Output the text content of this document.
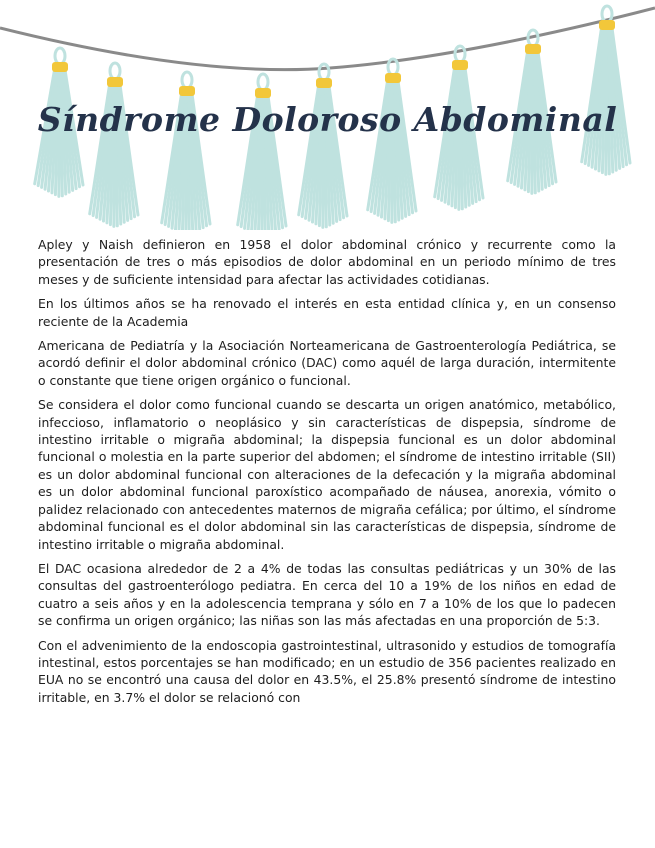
Síndrome Doloroso Abdominal

Apley y Naish definieron en 1958 el dolor abdominal crónico y recurrente como la presentación de tres o más episodios de dolor abdominal en un periodo mínimo de tres meses y de suficiente intensidad para afectar las actividades cotidianas.

En los últimos años se ha renovado el interés en esta entidad clínica y, en un consenso reciente de la Academia

Americana de Pediatría y la Asociación Norteamericana de Gastroenterología Pediátrica, se acordó definir el dolor abdominal crónico (DAC) como aquél de larga duración, intermitente o constante que tiene origen orgánico o funcional.

Se considera el dolor como funcional cuando se descarta un origen anatómico, metabólico, infeccioso, inflamatorio o neoplásico y sin características de dispepsia, síndrome de intestino irritable o migraña abdominal; la dispepsia funcional es un dolor abdominal funcional o molestia en la parte superior del abdomen; el síndrome de intestino irritable (SII) es un dolor abdominal funcional con alteraciones de la defecación y la migraña abdominal es un dolor abdominal funcional paroxístico acompañado de náusea, anorexia, vómito o palidez relacionado con antecedentes maternos de migraña cefálica; por último, el síndrome abdominal funcional es el dolor abdominal sin las características de dispepsia, síndrome de intestino irritable o migraña abdominal.

El DAC ocasiona alrededor de 2 a 4% de todas las consultas pediátricas y un 30% de las consultas del gastroenterólogo pediatra. En cerca del 10 a 19% de los niños en edad de cuatro a seis años y en la adolescencia temprana y sólo en 7 a 10% de los que lo padecen se confirma un origen orgánico; las niñas son las más afectadas en una proporción de 5:3.

Con el advenimiento de la endoscopia gastrointestinal, ultrasonido y estudios de tomografía intestinal, estos porcentajes se han modificado; en un estudio de 356 pacientes realizado en EUA no se encontró una causa del dolor en 43.5%, el 25.8% presentó síndrome de intestino irritable, en 3.7% el dolor se relacionó con
